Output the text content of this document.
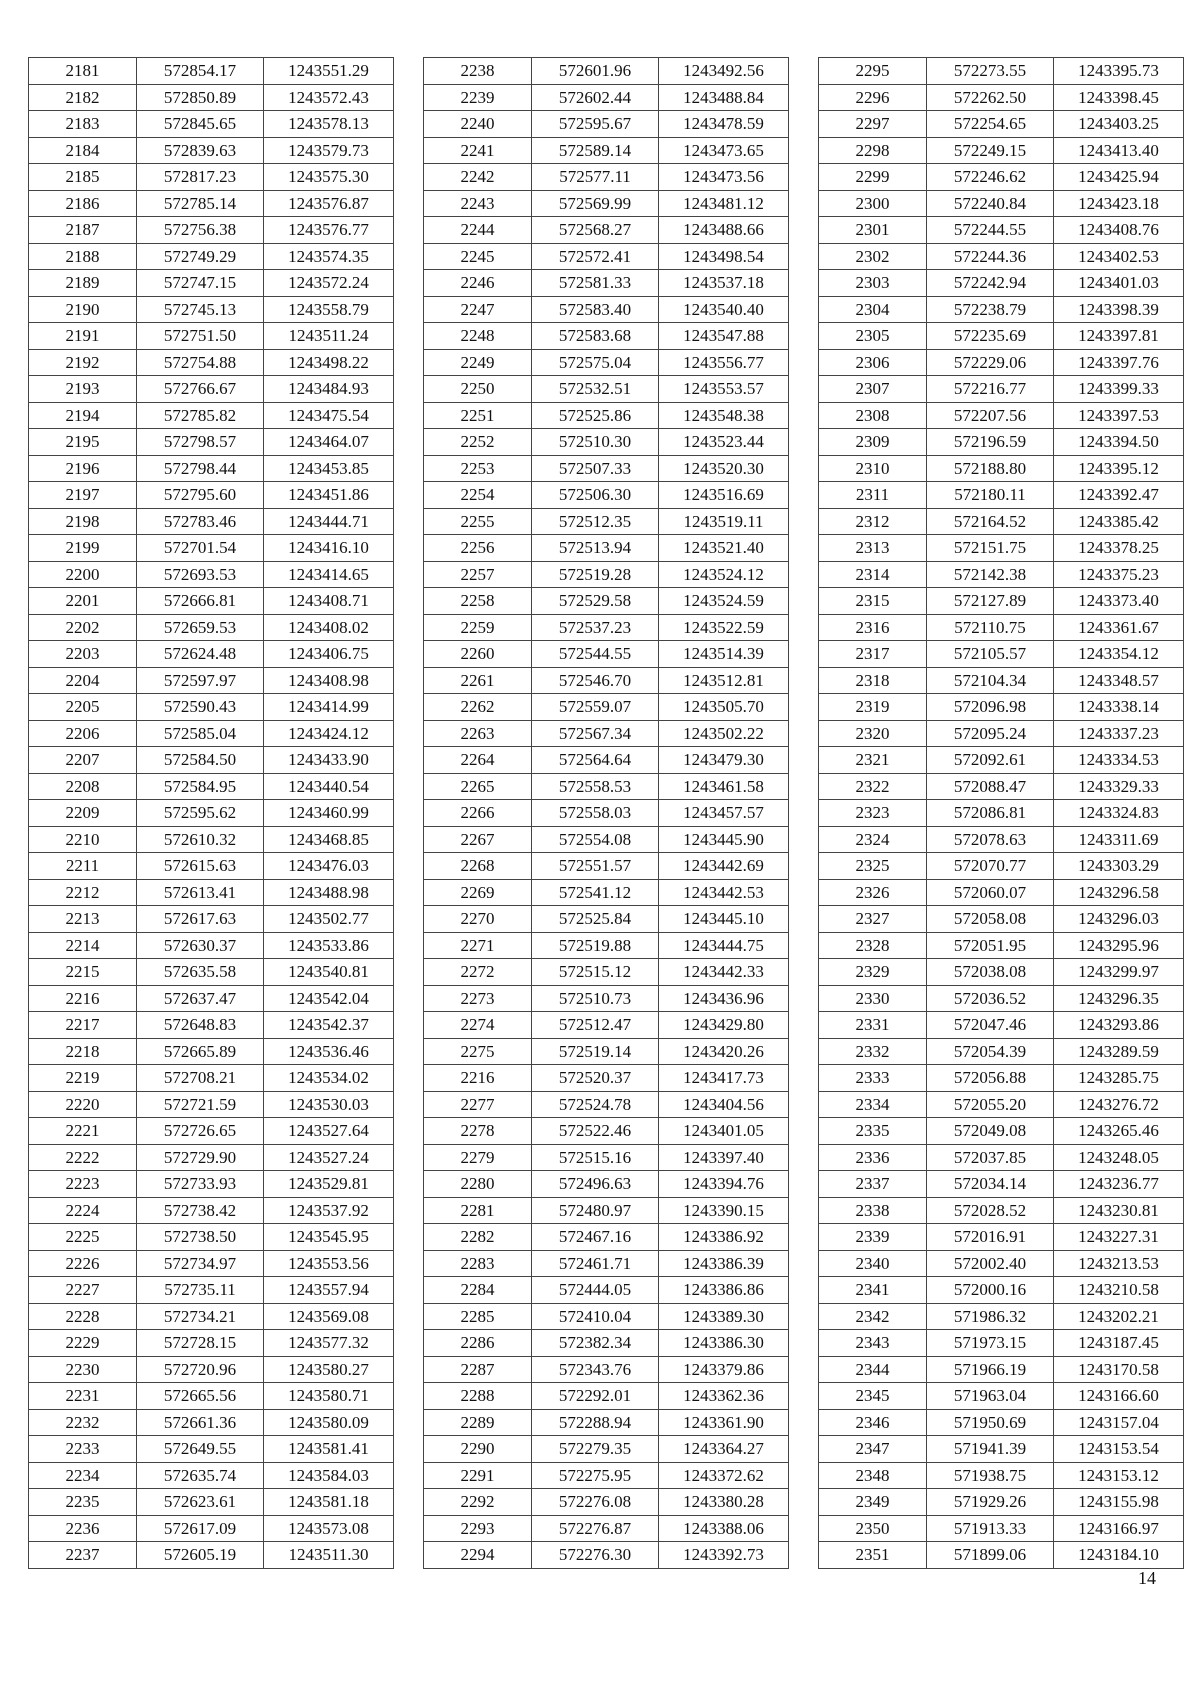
2181	572854.17	1243551.29
2182	572850.89	1243572.43
2183	572845.65	1243578.13
2184	572839.63	1243579.73
2185	572817.23	1243575.30
2186	572785.14	1243576.87
2187	572756.38	1243576.77
2188	572749.29	1243574.35
2189	572747.15	1243572.24
2190	572745.13	1243558.79
2191	572751.50	1243511.24
2192	572754.88	1243498.22
2193	572766.67	1243484.93
2194	572785.82	1243475.54
2195	572798.57	1243464.07
2196	572798.44	1243453.85
2197	572795.60	1243451.86
2198	572783.46	1243444.71
2199	572701.54	1243416.10
2200	572693.53	1243414.65
2201	572666.81	1243408.71
2202	572659.53	1243408.02
2203	572624.48	1243406.75
2204	572597.97	1243408.98
2205	572590.43	1243414.99
2206	572585.04	1243424.12
2207	572584.50	1243433.90
2208	572584.95	1243440.54
2209	572595.62	1243460.99
2210	572610.32	1243468.85
2211	572615.63	1243476.03
2212	572613.41	1243488.98
2213	572617.63	1243502.77
2214	572630.37	1243533.86
2215	572635.58	1243540.81
2216	572637.47	1243542.04
2217	572648.83	1243542.37
2218	572665.89	1243536.46
2219	572708.21	1243534.02
2220	572721.59	1243530.03
2221	572726.65	1243527.64
2222	572729.90	1243527.24
2223	572733.93	1243529.81
2224	572738.42	1243537.92
2225	572738.50	1243545.95
2226	572734.97	1243553.56
2227	572735.11	1243557.94
2228	572734.21	1243569.08
2229	572728.15	1243577.32
2230	572720.96	1243580.27
2231	572665.56	1243580.71
2232	572661.36	1243580.09
2233	572649.55	1243581.41
2234	572635.74	1243584.03
2235	572623.61	1243581.18
2236	572617.09	1243573.08
2237	572605.19	1243511.30
2238	572601.96	1243492.56
2239	572602.44	1243488.84
2240	572595.67	1243478.59
2241	572589.14	1243473.65
2242	572577.11	1243473.56
2243	572569.99	1243481.12
2244	572568.27	1243488.66
2245	572572.41	1243498.54
2246	572581.33	1243537.18
2247	572583.40	1243540.40
2248	572583.68	1243547.88
2249	572575.04	1243556.77
2250	572532.51	1243553.57
2251	572525.86	1243548.38
2252	572510.30	1243523.44
2253	572507.33	1243520.30
2254	572506.30	1243516.69
2255	572512.35	1243519.11
2256	572513.94	1243521.40
2257	572519.28	1243524.12
2258	572529.58	1243524.59
2259	572537.23	1243522.59
2260	572544.55	1243514.39
2261	572546.70	1243512.81
2262	572559.07	1243505.70
2263	572567.34	1243502.22
2264	572564.64	1243479.30
2265	572558.53	1243461.58
2266	572558.03	1243457.57
2267	572554.08	1243445.90
2268	572551.57	1243442.69
2269	572541.12	1243442.53
2270	572525.84	1243445.10
2271	572519.88	1243444.75
2272	572515.12	1243442.33
2273	572510.73	1243436.96
2274	572512.47	1243429.80
2275	572519.14	1243420.26
2216	572520.37	1243417.73
2277	572524.78	1243404.56
2278	572522.46	1243401.05
2279	572515.16	1243397.40
2280	572496.63	1243394.76
2281	572480.97	1243390.15
2282	572467.16	1243386.92
2283	572461.71	1243386.39
2284	572444.05	1243386.86
2285	572410.04	1243389.30
2286	572382.34	1243386.30
2287	572343.76	1243379.86
2288	572292.01	1243362.36
2289	572288.94	1243361.90
2290	572279.35	1243364.27
2291	572275.95	1243372.62
2292	572276.08	1243380.28
2293	572276.87	1243388.06
2294	572276.30	1243392.73
2295	572273.55	1243395.73
2296	572262.50	1243398.45
2297	572254.65	1243403.25
2298	572249.15	1243413.40
2299	572246.62	1243425.94
2300	572240.84	1243423.18
2301	572244.55	1243408.76
2302	572244.36	1243402.53
2303	572242.94	1243401.03
2304	572238.79	1243398.39
2305	572235.69	1243397.81
2306	572229.06	1243397.76
2307	572216.77	1243399.33
2308	572207.56	1243397.53
2309	572196.59	1243394.50
2310	572188.80	1243395.12
2311	572180.11	1243392.47
2312	572164.52	1243385.42
2313	572151.75	1243378.25
2314	572142.38	1243375.23
2315	572127.89	1243373.40
2316	572110.75	1243361.67
2317	572105.57	1243354.12
2318	572104.34	1243348.57
2319	572096.98	1243338.14
2320	572095.24	1243337.23
2321	572092.61	1243334.53
2322	572088.47	1243329.33
2323	572086.81	1243324.83
2324	572078.63	1243311.69
2325	572070.77	1243303.29
2326	572060.07	1243296.58
2327	572058.08	1243296.03
2328	572051.95	1243295.96
2329	572038.08	1243299.97
2330	572036.52	1243296.35
2331	572047.46	1243293.86
2332	572054.39	1243289.59
2333	572056.88	1243285.75
2334	572055.20	1243276.72
2335	572049.08	1243265.46
2336	572037.85	1243248.05
2337	572034.14	1243236.77
2338	572028.52	1243230.81
2339	572016.91	1243227.31
2340	572002.40	1243213.53
2341	572000.16	1243210.58
2342	571986.32	1243202.21
2343	571973.15	1243187.45
2344	571966.19	1243170.58
2345	571963.04	1243166.60
2346	571950.69	1243157.04
2347	571941.39	1243153.54
2348	571938.75	1243153.12
2349	571929.26	1243155.98
2350	571913.33	1243166.97
2351	571899.06	1243184.10
14
